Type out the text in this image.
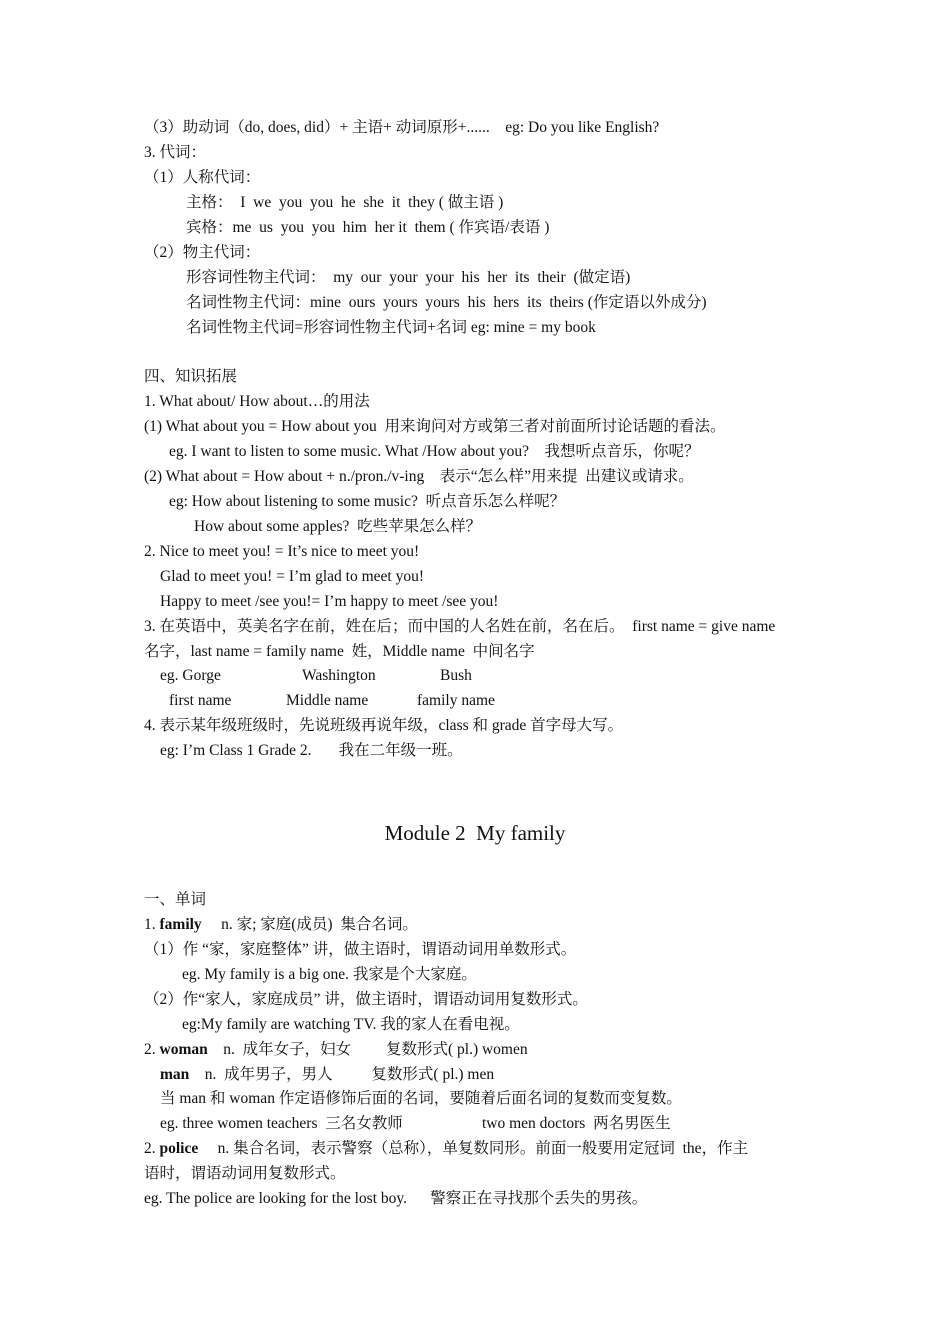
（3）助动词（do, does, did）+ 主语+ 动词原形+......    eg: Do you like English?
3. 代词：
（1）人称代词：
主格：  I  we  you  you  he  she  it  they ( 做主语 )
宾格：me  us  you  you  him  her it  them ( 作宾语/表语 )
（2）物主代词：
形容词性物主代词：  my  our  your  your  his  her  its  their  (做定语)
名词性物主代词：mine  ours  yours  yours  his  hers  its  theirs (作定语以外成分)
名词性物主代词=形容词性物主代词+名词 eg: mine = my book
四、知识拓展
1. What about/ How about…的用法
(1) What about you = How about you  用来询问对方或第三者对前面所讨论话题的看法。
eg. I want to listen to some music. What /How about you?    我想听点音乐，你呢？
(2) What about = How about + n./pron./v-ing    表示“怎么样”用来提  出建议或请求。
eg: How about listening to some music?  听点音乐怎么样呢？
How about some apples?  吃些苹果怎么样？
2. Nice to meet you! = It’s nice to meet you!
Glad to meet you! = I’m glad to meet you!
Happy to meet /see you!= I’m happy to meet /see you!
3. 在英语中，英美名字在前，姓在后；而中国的人名姓在前，名在后。  first name = give name
名字，last name = family name  姓，Middle name  中间名字
eg. Gorge	Washington	Bush
first name	Middle name	family name
4. 表示某年级班级时，先说班级再说年级，class 和 grade 首字母大写。
eg: I’m Class 1 Grade 2.       我在二年级一班。
Module 2  My family
一、单词
1. family     n. 家; 家庭(成员)  集合名词。
（1）作 “家，家庭整体” 讲，做主语时，谓语动词用单数形式。
eg. My family is a big one. 我家是个大家庭。
（2）作“家人，家庭成员” 讲，做主语时，谓语动词用复数形式。
eg:My family are watching TV. 我的家人在看电视。
2. woman    n.  成年女子，妇女         复数形式( pl.) women
man    n.  成年男子，男人          复数形式( pl.) men
当 man 和 woman 作定语修饰后面的名词，要随着后面名词的复数而变复数。
eg. three women teachers  三名女教师	two men doctors  两名男医生
2. police     n. 集合名词，表示警察（总称），单复数同形。前面一般要用定冠词  the，作主
语时，谓语动词用复数形式。
eg. The police are looking for the lost boy.      警察正在寻找那个丢失的男孩。
